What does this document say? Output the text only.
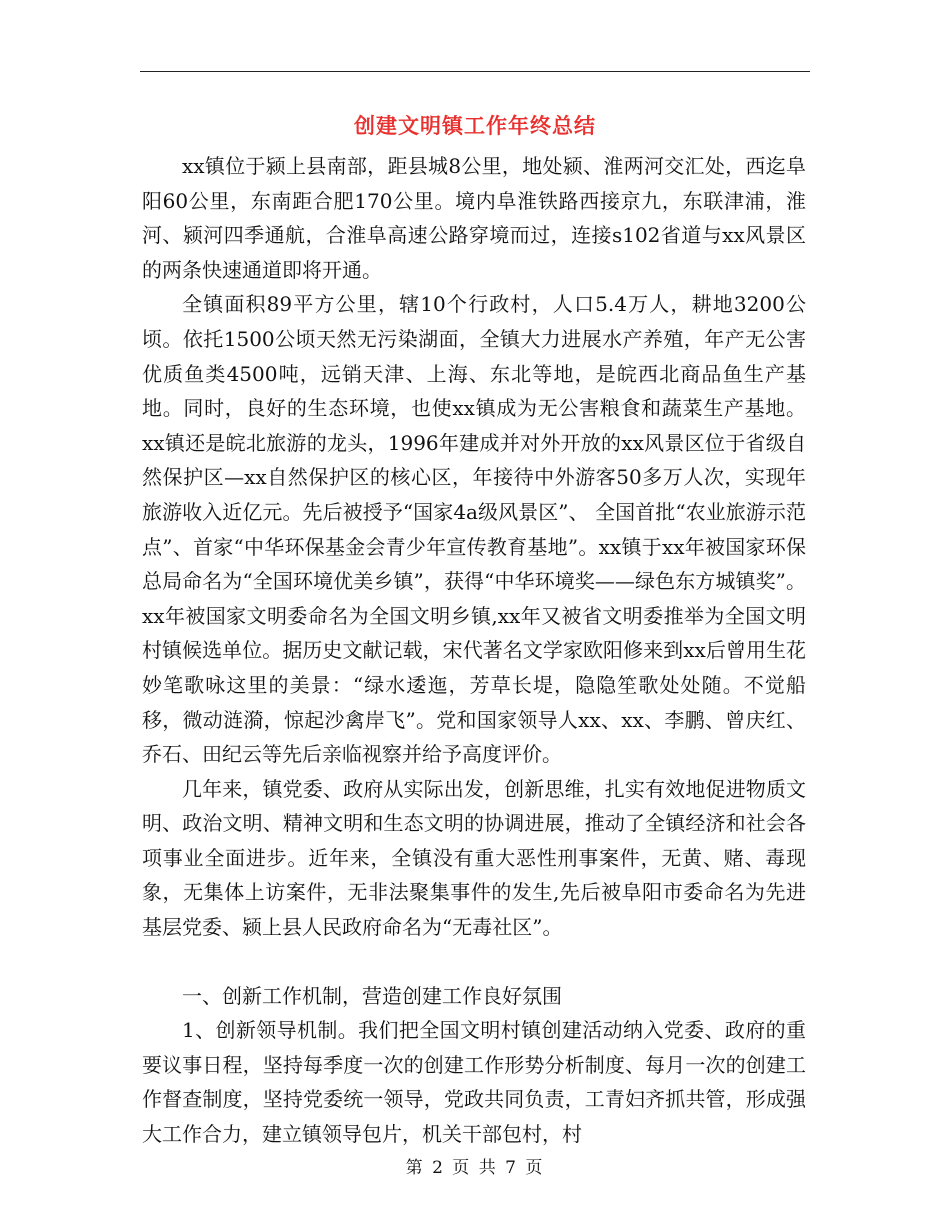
创建文明镇工作年终总结

xx镇位于颍上县南部，距县城8公里，地处颍、淮两河交汇处，西迄阜阳60公里，东南距合肥170公里。境内阜淮铁路西接京九，东联津浦，淮河、颍河四季通航，合淮阜高速公路穿境而过，连接s102省道与xx风景区的两条快速通道即将开通。

全镇面积89平方公里，辖10个行政村，人口5.4万人，耕地3200公顷。依托1500公顷天然无污染湖面，全镇大力进展水产养殖，年产无公害优质鱼类4500吨，远销天津、上海、东北等地，是皖西北商品鱼生产基地。同时，良好的生态环境，也使xx镇成为无公害粮食和蔬菜生产基地。xx镇还是皖北旅游的龙头，1996年建成并对外开放的xx风景区位于省级自然保护区—xx自然保护区的核心区，年接待中外游客50多万人次，实现年旅游收入近亿元。先后被授予“国家4a级风景区”、 全国首批“农业旅游示范点”、首家“中华环保基金会青少年宣传教育基地”。xx镇于xx年被国家环保总局命名为“全国环境优美乡镇”，获得“中华环境奖——绿色东方城镇奖”。xx年被国家文明委命名为全国文明乡镇,xx年又被省文明委推举为全国文明村镇候选单位。据历史文献记载，宋代著名文学家欧阳修来到xx后曾用生花妙笔歌咏这里的美景：“绿水逶迤，芳草长堤，隐隐笙歌处处随。不觉船移，微动涟漪，惊起沙禽岸飞”。党和国家领导人xx、xx、李鹏、曾庆红、乔石、田纪云等先后亲临视察并给予高度评价。

几年来，镇党委、政府从实际出发，创新思维，扎实有效地促进物质文明、政治文明、精神文明和生态文明的协调进展，推动了全镇经济和社会各项事业全面进步。近年来，全镇没有重大恶性刑事案件，无黄、赌、毒现象，无集体上访案件，无非法聚集事件的发生,先后被阜阳市委命名为先进基层党委、颍上县人民政府命名为“无毒社区”。

一、创新工作机制，营造创建工作良好氛围

1、创新领导机制。我们把全国文明村镇创建活动纳入党委、政府的重要议事日程，坚持每季度一次的创建工作形势分析制度、每月一次的创建工作督查制度，坚持党委统一领导，党政共同负责，工青妇齐抓共管，形成强大工作合力，建立镇领导包片，机关干部包村，村

第 2 页 共 7 页
